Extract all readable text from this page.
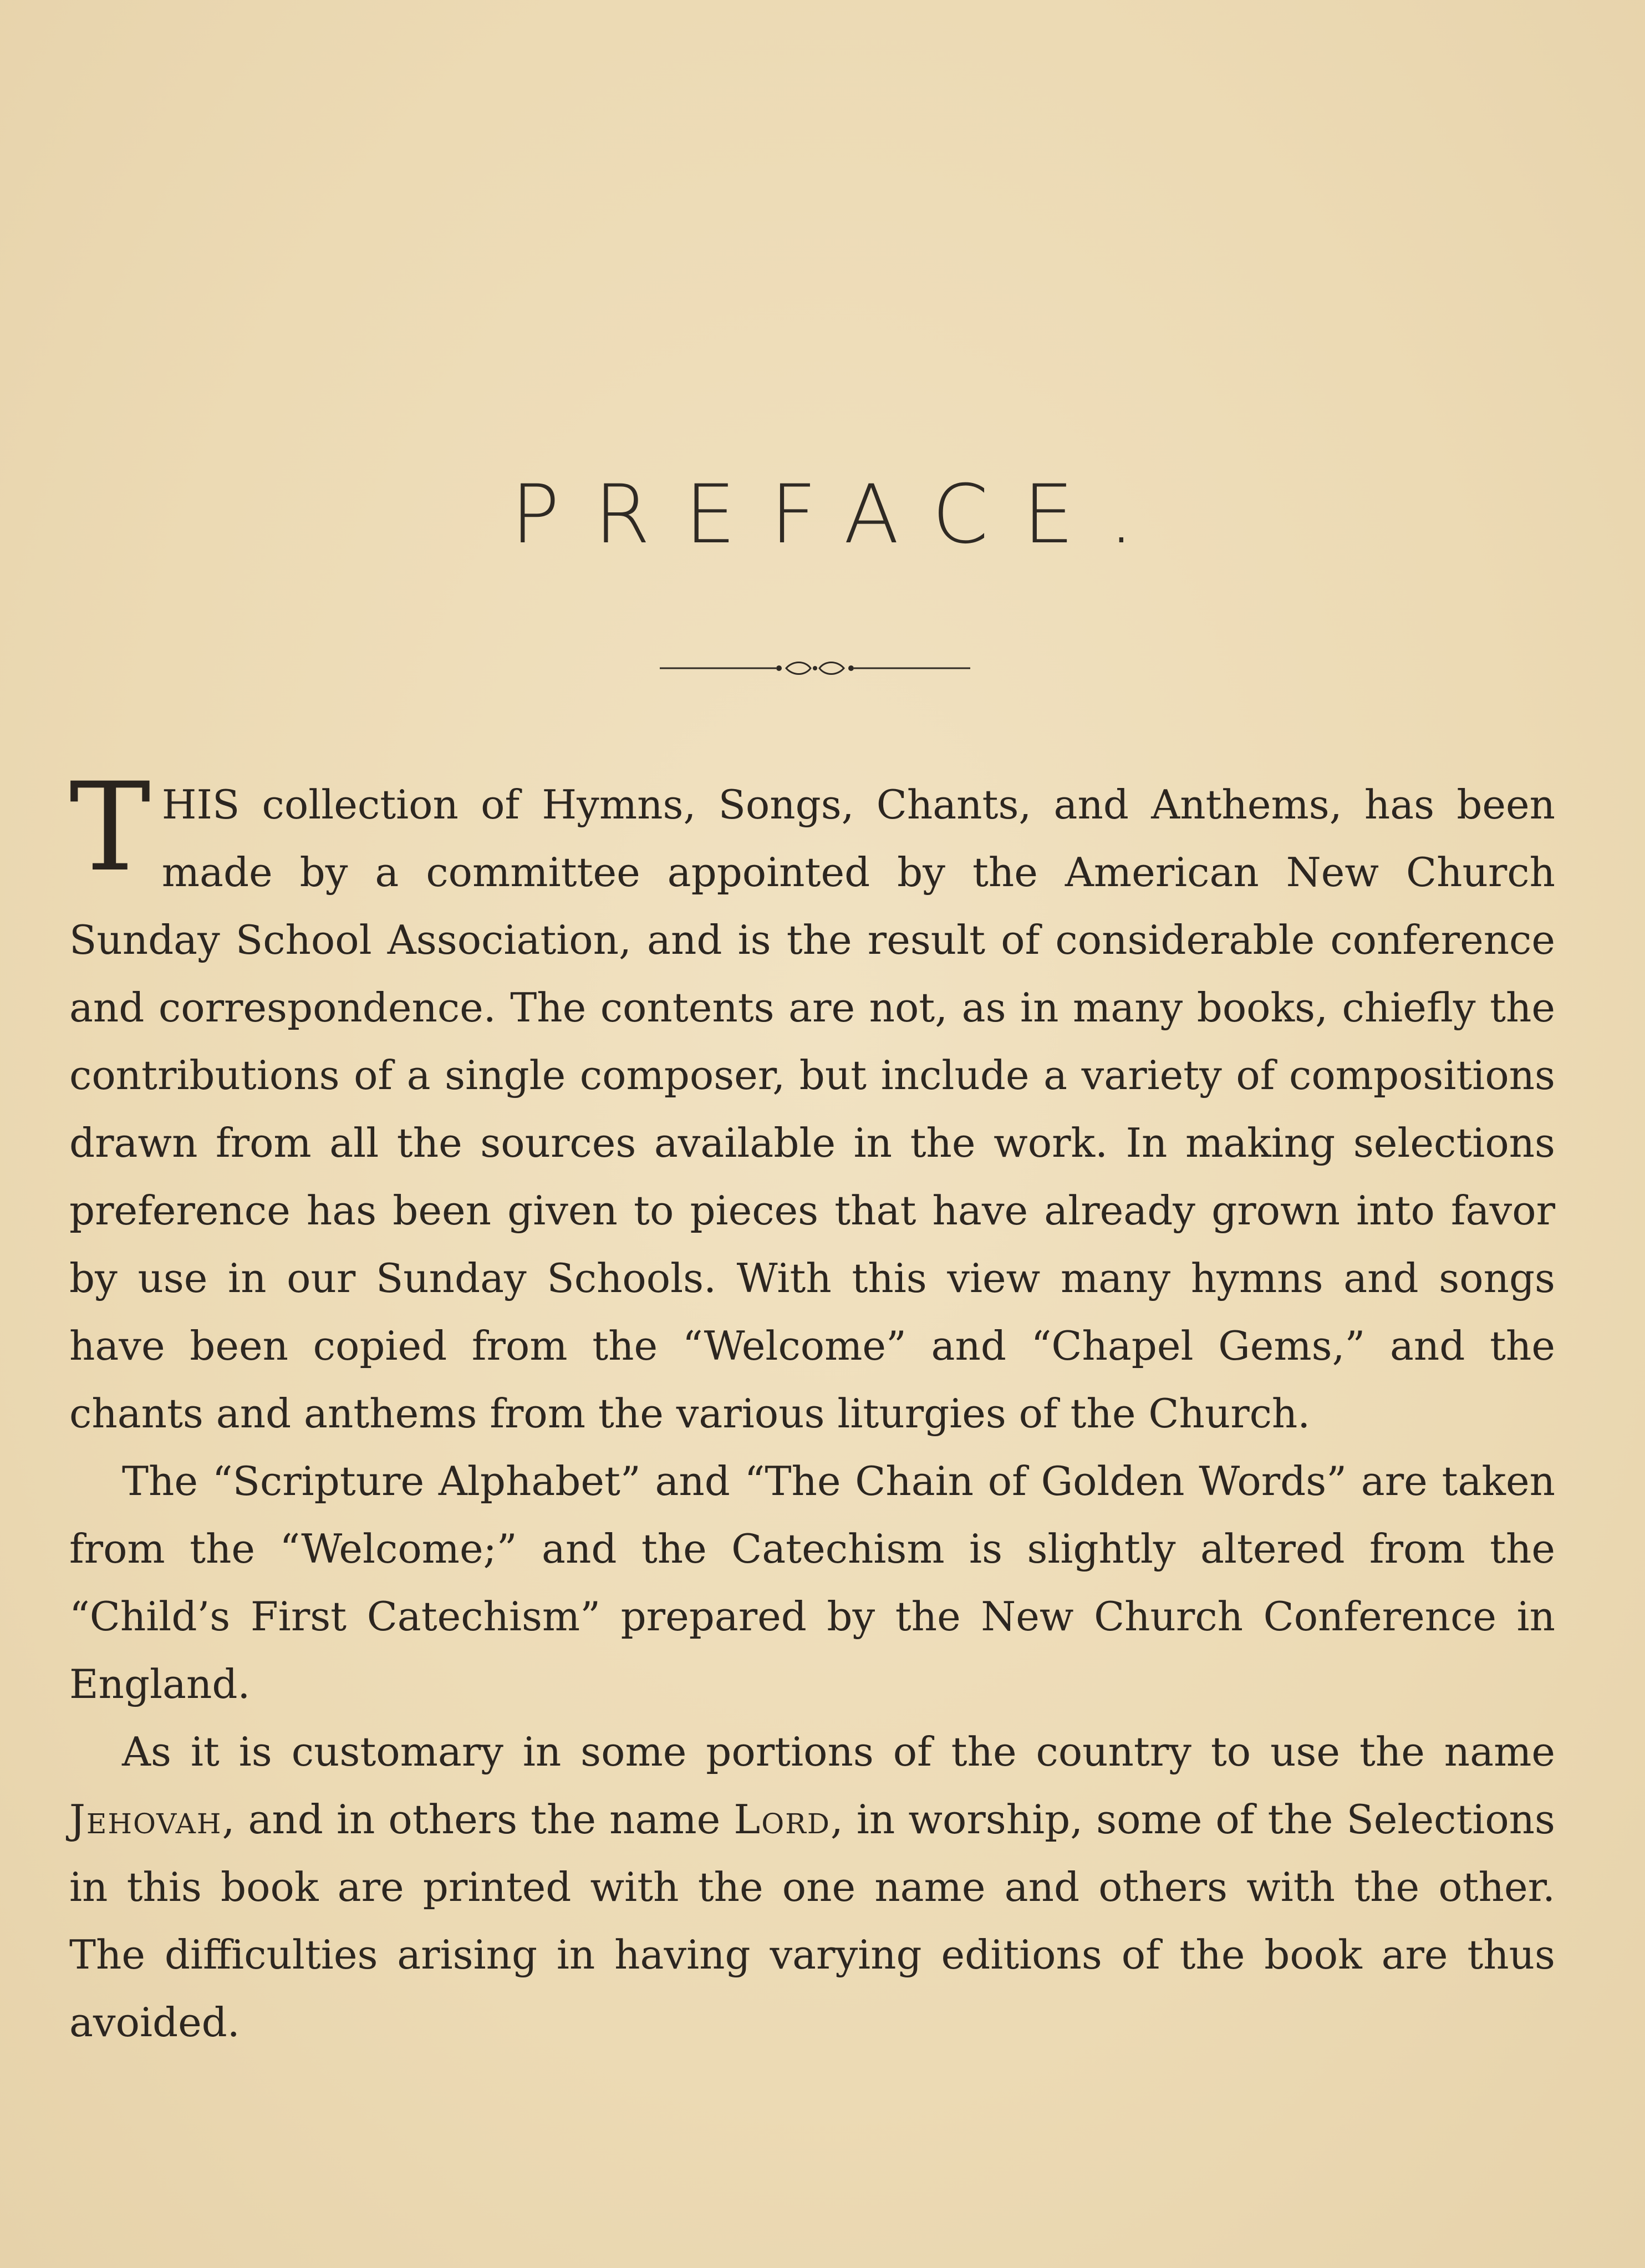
PREFACE.

THIS collection of Hymns, Songs, Chants, and Anthems, has been made by a committee appointed by the American New Church Sunday School Association, and is the result of considerable conference and correspondence. The contents are not, as in many books, chiefly the contributions of a single composer, but include a variety of compositions drawn from all the sources available in the work. In making selections preference has been given to pieces that have already grown into favor by use in our Sunday Schools. With this view many hymns and songs have been copied from the “Welcome” and “Chapel Gems,” and the chants and anthems from the various liturgies of the Church.

The “Scripture Alphabet” and “The Chain of Golden Words” are taken from the “Welcome;” and the Catechism is slightly altered from the “Child’s First Catechism” prepared by the New Church Conference in England.

As it is customary in some portions of the country to use the name Jehovah, and in others the name Lord, in worship, some of the Selections in this book are printed with the one name and others with the other. The difficulties arising in having varying editions of the book are thus avoided.
